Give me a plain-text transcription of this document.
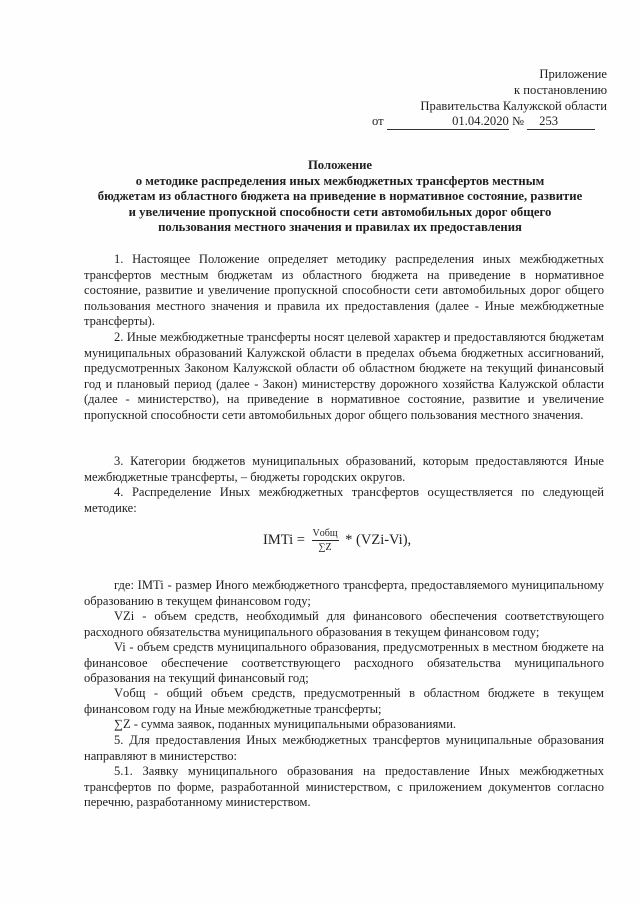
Приложение
к постановлению
Правительства Калужской области
от	01.04.2020 № 253
Положение
о методике распределения иных межбюджетных трансфертов местным
бюджетам из областного бюджета на приведение в нормативное состояние, развитие
и увеличение пропускной способности сети автомобильных дорог общего
пользования местного значения и правилах их предоставления
1. Настоящее Положение определяет методику распределения иных межбюджетных трансфертов местным бюджетам из областного бюджета на приведение в нормативное состояние, развитие и увеличение пропускной способности сети автомобильных дорог общего пользования местного значения и правила их предоставления (далее - Иные межбюджетные трансферты).
2. Иные межбюджетные трансферты носят целевой характер и предоставляются бюджетам муниципальных образований Калужской области в пределах объема бюджетных ассигнований, предусмотренных Законом Калужской области об областном бюджете на текущий финансовый год и плановый период (далее - Закон) министерству дорожного хозяйства Калужской области (далее - министерство), на приведение в нормативное состояние, развитие и увеличение пропускной способности сети автомобильных дорог общего пользования местного значения.
3. Категории бюджетов муниципальных образований, которым предоставляются Иные межбюджетные трансферты, – бюджеты городских округов.
4. Распределение Иных межбюджетных трансфертов осуществляется по следующей методике:
IMTi = $\frac{\text{Vобщ}}{\sum Z} * (VZi-Vi)$,
где: IMTi - размер Иного межбюджетного трансферта, предоставляемого муниципальному образованию в текущем финансовом году;
VZi - объем средств, необходимый для финансового обеспечения соответствующего расходного обязательства муниципального образования в текущем финансовом году;
Vi - объем средств муниципального образования, предусмотренных в местном бюджете на финансовое обеспечение соответствующего расходного обязательства муниципального образования на текущий финансовый год;
Vобщ - общий объем средств, предусмотренный в областном бюджете в текущем финансовом году на Иные межбюджетные трансферты;
∑Z - сумма заявок, поданных муниципальными образованиями.
5. Для предоставления Иных межбюджетных трансфертов муниципальные образования направляют в министерство:
5.1. Заявку муниципального образования на предоставление Иных межбюджетных трансфертов по форме, разработанной министерством, с приложением документов согласно перечню, разработанному министерством.
